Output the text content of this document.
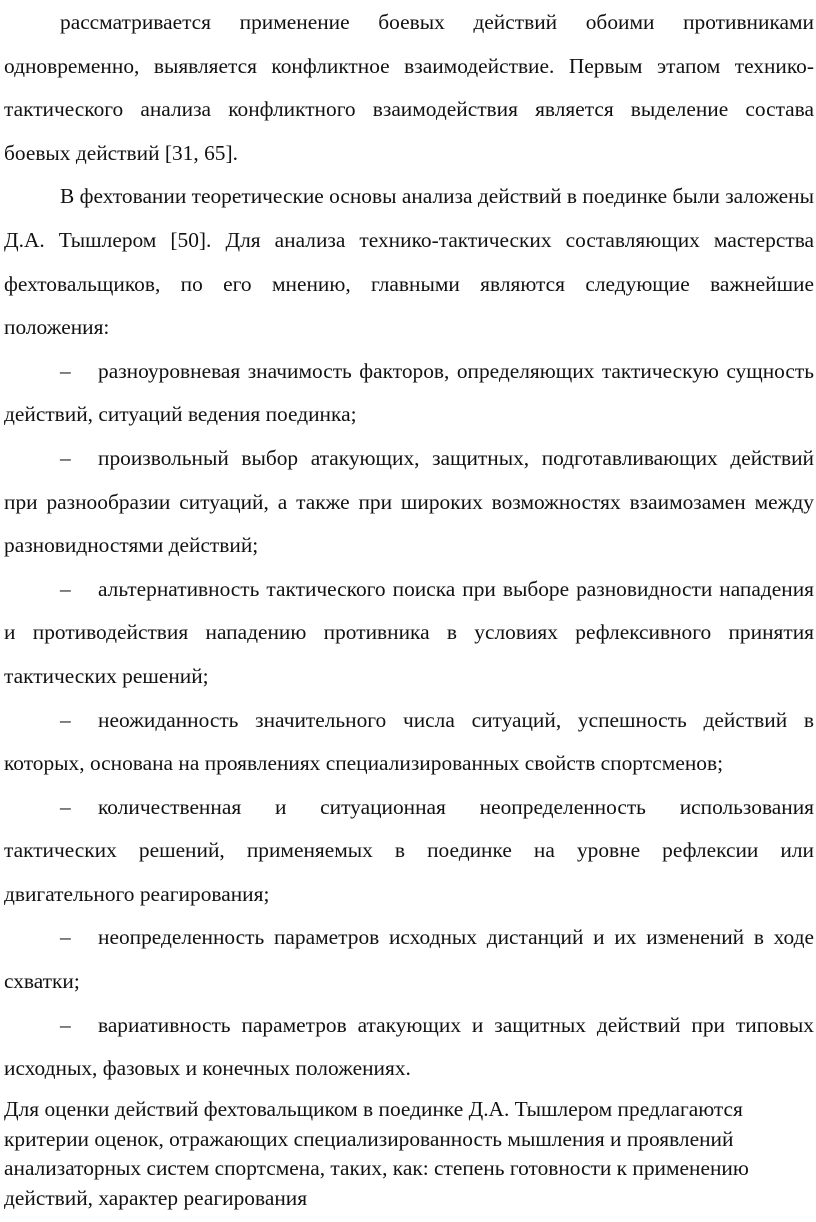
рассматривается применение боевых действий обоими противниками одновременно, выявляется конфликтное взаимодействие. Первым этапом технико-тактического анализа конфликтного взаимодействия является выделение состава боевых действий [31, 65].

В фехтовании теоретические основы анализа действий в поединке были заложены Д.А. Тышлером [50]. Для анализа технико-тактических составляющих мастерства фехтовальщиков, по его мнению, главными являются следующие важнейшие положения:

– разноуровневая значимость факторов, определяющих тактическую сущность действий, ситуаций ведения поединка;

– произвольный выбор атакующих, защитных, подготавливающих действий при разнообразии ситуаций, а также при широких возможностях взаимозамен между разновидностями действий;

– альтернативность тактического поиска при выборе разновидности нападения и противодействия нападению противника в условиях рефлексивного принятия тактических решений;

– неожиданность значительного числа ситуаций, успешность действий в которых, основана на проявлениях специализированных свойств спортсменов;

– количественная и ситуационная неопределенность использования тактических решений, применяемых в поединке на уровне рефлексии или двигательного реагирования;

– неопределенность параметров исходных дистанций и их изменений в ходе схватки;

– вариативность параметров атакующих и защитных действий при типовых исходных, фазовых и конечных положениях.

Для оценки действий фехтовальщиком в поединке Д.А. Тышлером предлагаются критерии оценок, отражающих специализированность мышления и проявлений анализаторных систем спортсмена, таких, как: степень готовности к применению действий, характер реагирования
